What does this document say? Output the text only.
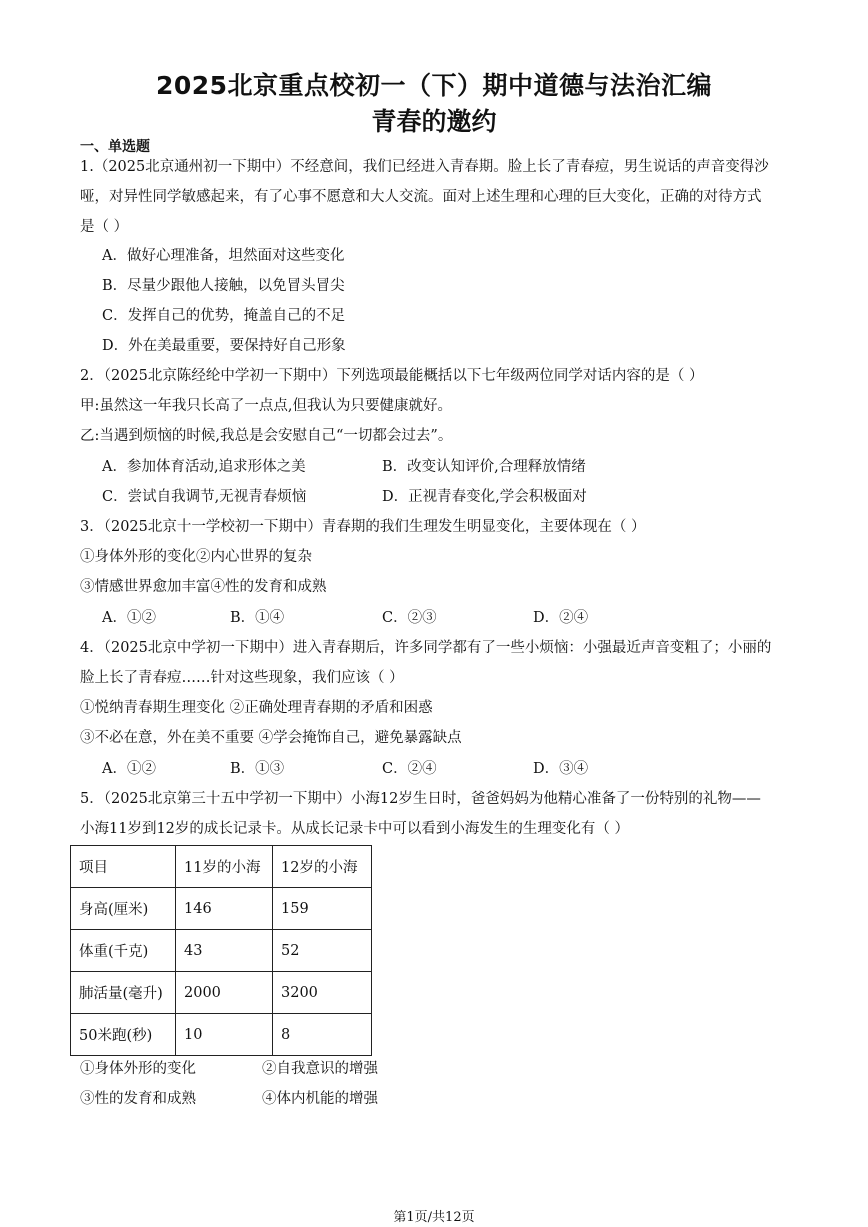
2025北京重点校初一（下）期中道德与法治汇编
青春的邀约
一、单选题
1.（2025北京通州初一下期中）不经意间，我们已经进入青春期。脸上长了青春痘，男生说话的声音变得沙
哑，对异性同学敏感起来，有了心事不愿意和大人交流。面对上述生理和心理的巨大变化，正确的对待方式
是（ ）
A．做好心理准备，坦然面对这些变化
B．尽量少跟他人接触，以免冒头冒尖
C．发挥自己的优势，掩盖自己的不足
D．外在美最重要，要保持好自己形象
2．（2025北京陈经纶中学初一下期中）下列选项最能概括以下七年级两位同学对话内容的是（ ）
甲:虽然这一年我只长高了一点点,但我认为只要健康就好。
乙:当遇到烦恼的时候,我总是会安慰自己“一切都会过去”。
A．参加体育活动,追求形体之美	B．改变认知评价,合理释放情绪
C．尝试自我调节,无视青春烦恼	D．正视青春变化,学会积极面对
3．（2025北京十一学校初一下期中）青春期的我们生理发生明显变化，主要体现在（ ）
①身体外形的变化②内心世界的复杂
③情感世界愈加丰富④性的发育和成熟
A．①②	B．①④	C．②③	D．②④
4．（2025北京中学初一下期中）进入青春期后，许多同学都有了一些小烦恼：小强最近声音变粗了；小丽的
脸上长了青春痘……针对这些现象，我们应该（ ）
①悦纳青春期生理变化 ②正确处理青春期的矛盾和困惑
③不必在意，外在美不重要 ④学会掩饰自己，避免暴露缺点
A．①②	B．①③	C．②④	D．③④
5．（2025北京第三十五中学初一下期中）小海12岁生日时，爸爸妈妈为他精心准备了一份特别的礼物——
小海11岁到12岁的成长记录卡。从成长记录卡中可以看到小海发生的生理变化有（ ）
项目	11岁的小海	12岁的小海
身高(厘米)	146	159
体重(千克)	43	52
肺活量(毫升)	2000	3200
50米跑(秒)	10	8
①身体外形的变化	②自我意识的增强
③性的发育和成熟	④体内机能的增强
第1页/共12页
